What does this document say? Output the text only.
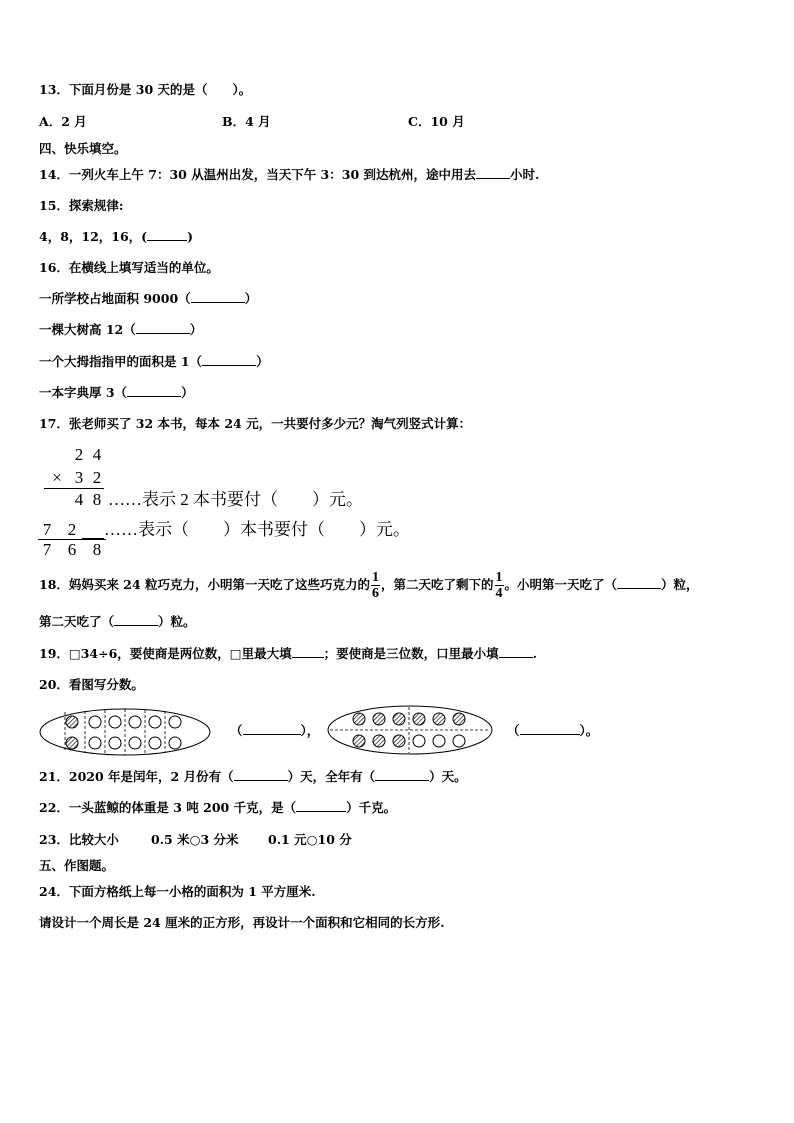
13．下面月份是 30 天的是（　　）。
A．2 月	B．4 月	C．10 月
四、快乐填空。
14．一列火车上午 7：30 从温州出发，当天下午 3：30 到达杭州，途中用去	小时.
15．探索规律:
4，8，12，16，(	)
16．在横线上填写适当的单位。
一所学校占地面积 9000（	）
一棵大树高 12（	）
一个大拇指指甲的面积是 1（	）
一本字典厚 3（	）
17．张老师买了 32 本书，每本 24 元，一共要付多少元？淘气列竖式计算：
2 4
× 3 2
4 8 ……表示 2 本书要付（　　）元。
7 2	……表示（　　）本书要付（　　）元。
7 6 8
18．妈妈买来 24 粒巧克力，小明第一天吃了这些巧克力的 $\frac{1}{6}$ ，第二天吃了剩下的 $\frac{1}{4}$ 。小明第一天吃了（	）粒，
第二天吃了（	）粒。
19．□34÷6，要使商是两位数，□里最大填	；要使商是三位数，口里最小填	.
20．看图写分数。
（	），	（	）。
21．2020 年是闰年，2 月份有（	）天，全年有（	）天。
22．一头蓝鲸的体重是 3 吨 200 千克，是（	）千克。
23．比较大小	0.5 米○3 分米 0.1 元○10 分
五、作图题。
24．下面方格纸上每一小格的面积为 1 平方厘米.
请设计一个周长是 24 厘米的正方形，再设计一个面积和它相同的长方形.
